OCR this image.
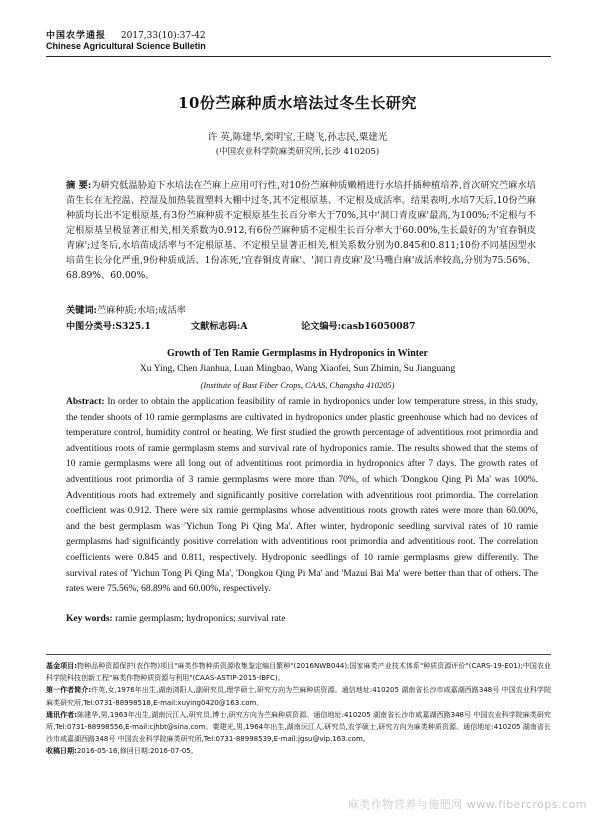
中国农学通报 2017,33(10):37-42
Chinese Agricultural Science Bulletin
10份苎麻种质水培法过冬生长研究
许 英,陈建华,栾明宝,王晓飞,孙志民,粟建光
(中国农业科学院麻类研究所,长沙 410205)
摘 要:为研究低温胁迫下水培法在苎麻上应用可行性,对10份苎麻种质嫩梢进行水培扦插种植培养,首次研究苎麻水培苗生长在无控温、控湿及加热装置塑料大棚中过冬,其不定根原基、不定根及成活率。结果表明,水培7天后,10份苎麻种质均长出不定根原基,有3份苎麻种质不定根原基生长百分率大于70%,其中'洞口青皮麻'最高,为100%;不定根与不定根原基呈极显著正相关,相关系数为0.912,有6份苎麻种质不定根生长百分率大于60.00%,生长最好的为'宜春铜皮青麻';过冬后,水培苗成活率与不定根原基、不定根呈显著正相关,相关系数分别为0.845和0.811;10份不同基因型水培苗生长分化严重,9份种质成活、1份冻死,'宜春铜皮青麻'、'洞口青皮麻'及'马嘴白麻'成活率较高,分别为75.56%、68.89%、60.00%。
关键词:苎麻种质;水培;成活率
中图分类号:S325.1	文献标志码:A	论文编号:casb16050087
Growth of Ten Ramie Germplasms in Hydroponics in Winter
Xu Ying, Chen Jianhua, Luan Mingbao, Wang Xiaofei, Sun Zhimin, Su Jianguang
(Institute of Bast Fiber Crops, CAAS, Changsha 410205)
Abstract: In order to obtain the application feasibility of ramie in hydroponics under low temperature stress, in this study, the tender shoots of 10 ramie germplasms are cultivated in hydroponics under plastic greenhouse which had no devices of temperature control, humidity control or heating. We first studied the growth percentage of adventitious root primordia and adventitious roots of ramie germplasm stems and survival rate of hydroponics ramie. The results showed that the stems of 10 ramie germplasms were all long out of adventitious root primordia in hydroponics after 7 days. The growth rates of adventitious root primordia of 3 ramie germplasms were more than 70%, of which 'Dongkou Qing Pi Ma' was 100%. Adventitious roots had extremely and significantly positive correlation with adventitious root primordia. The correlation coefficient was 0.912. There were six ramie germplasms whose adventitious roots growth rates were more than 60.00%, and the best germplasm was 'Yichun Tong Pi Qing Ma'. After winter, hydroponic seedling survival rates of 10 ramie germplasms had significantly positive correlation with adventitious root primordia and adventitious root. The correlation coefficients were 0.845 and 0.811, respectively. Hydroponic seedlings of 10 ramie germplasms grew differently. The survival rates of 'Yichun Tong Pi Qing Ma', 'Dongkou Qing Pi Ma' and 'Mazui Bai Ma' were better than that of others. The rates were 75.56%, 68.89% and 60.00%, respectively.
Key words: ramie germplasm; hydroponics; survival rate
基金项目:物种品种资源保护(农作物)项目"麻类作物种质资源收集鉴定编目繁种"(2016NWB044);国家麻类产业技术体系"种质资源评价"(CARS-19-E01);中国农业科学院科技创新工程"麻类作物种质资源与利用"(CAAS-ASTIP-2015-IBFC)。
第一作者简介:许英,女,1976年出生,湖南浏阳人,副研究员,理学硕士,研究方向为苎麻种质资源。通信地址:410205 湖南省长沙市咸嘉湖西路348号 中国农业科学院麻类研究所,Tel:0731-88998518,E-mail:xuying0420@163.com。
通讯作者:陈建华,男,1963年出生,湖南沅江人,研究员,博士,研究方向为苎麻种质资源。通信地址:410205 湖南省长沙市咸嘉湖西路348号 中国农业科学院麻类研究所,Tel:0731-88998556,E-mail:cjhbt@sina.com。粟建光,男,1964年出生,湖南沅江人,研究员,农学硕士,研究方向为麻类种质资源。通信地址:410205 湖南省长沙市咸嘉湖西路348号 中国农业科学院麻类研究所,Tel:0731-88998539,E-mail:jgsu@vip.163.com。
收稿日期:2016-05-16,修回日期:2016-07-05。
麻类作物营养与施肥网 www.fibercrops.com
